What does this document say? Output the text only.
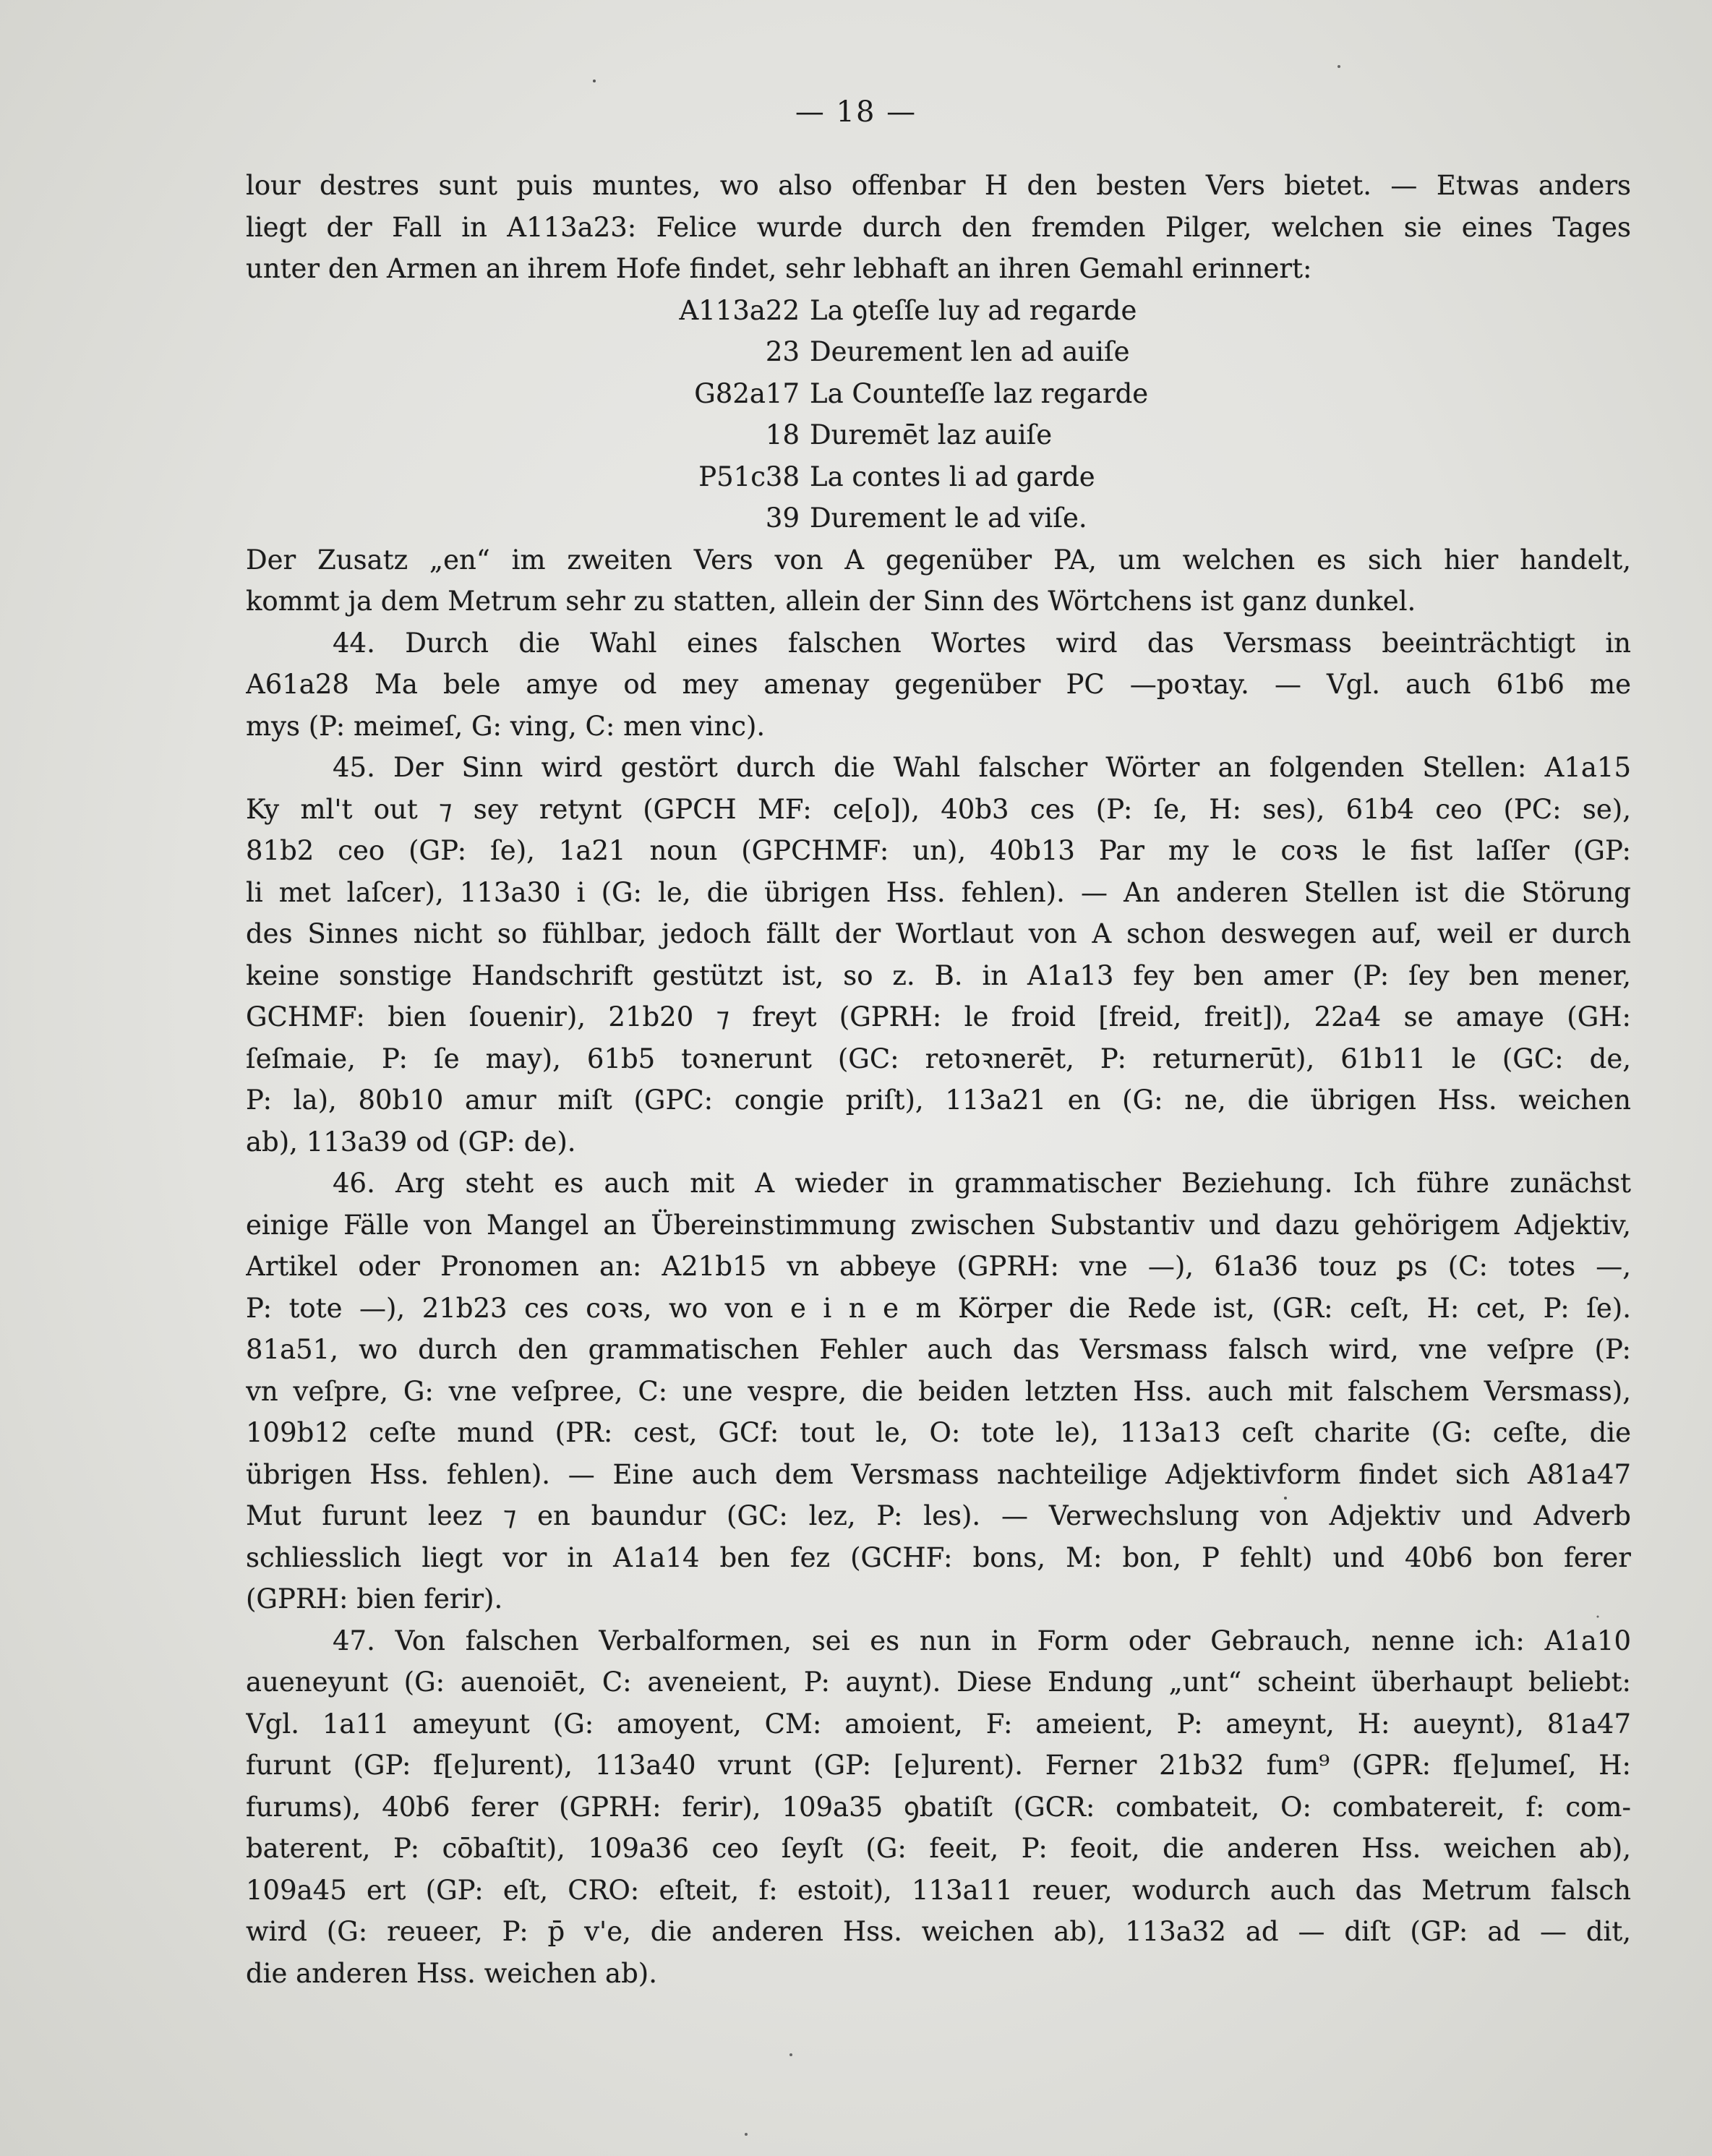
— 18 —
lour destres sunt puis muntes, wo also offenbar H den besten Vers bietet. — Etwas anders
liegt der Fall in A113a23: Felice wurde durch den fremden Pilger, welchen sie eines Tages
unter den Armen an ihrem Hofe findet, sehr lebhaft an ihren Gemahl erinnert:
A113a22 La ꝯteſſe luy ad regarde
23 Deurement len ad auiſe
G82a17 La Counteſſe laz regarde
18 Duremēt laz auiſe
P51c38 La contes li ad garde
39 Durement le ad viſe.
Der Zusatz „en“ im zweiten Vers von A gegenüber PA, um welchen es sich hier handelt,
kommt ja dem Metrum sehr zu statten, allein der Sinn des Wörtchens ist ganz dunkel.
44. Durch die Wahl eines falschen Wortes wird das Versmass beeinträchtigt in
A61a28 Ma bele amye od mey amenay gegenüber PC —poꝛtay. — Vgl. auch 61b6 me
mys (P: meimeſ, G: ving, C: men vinc).
45. Der Sinn wird gestört durch die Wahl falscher Wörter an folgenden Stellen: A1a15
Ky ml't out ⁊ sey retynt (GPCH MF: ce[o]), 40b3 ces (P: ſe, H: ses), 61b4 ceo (PC: se),
81b2 ceo (GP: ſe), 1a21 noun (GPCHMF: un), 40b13 Par my le coꝛs le fist laſſer (GP:
li met laſcer), 113a30 i (G: le, die übrigen Hss. fehlen). — An anderen Stellen ist die Störung
des Sinnes nicht so fühlbar, jedoch fällt der Wortlaut von A schon deswegen auf, weil er durch
keine sonstige Handschrift gestützt ist, so z. B. in A1a13 fey ben amer (P: ſey ben mener,
GCHMF: bien ſouenir), 21b20 ⁊ freyt (GPRH: le froid [freid, freit]), 22a4 se amaye (GH:
ſeſmaie, P: ſe may), 61b5 toꝛnerunt (GC: retoꝛnerēt, P: returnerūt), 61b11 le (GC: de,
P: la), 80b10 amur miſt (GPC: congie priſt), 113a21 en (G: ne, die übrigen Hss. weichen
ab), 113a39 od (GP: de).
46. Arg steht es auch mit A wieder in grammatischer Beziehung. Ich führe zunächst
einige Fälle von Mangel an Übereinstimmung zwischen Substantiv und dazu gehörigem Adjektiv,
Artikel oder Pronomen an: A21b15 vn abbeye (GPRH: vne —), 61a36 touz ꝑs (C: totes —,
P: tote —), 21b23 ces coꝛs, wo von e i n e m Körper die Rede ist, (GR: ceſt, H: cet, P: ſe).
81a51, wo durch den grammatischen Fehler auch das Versmass falsch wird, vne veſpre (P:
vn veſpre, G: vne veſpree, C: une vespre, die beiden letzten Hss. auch mit falschem Versmass),
109b12 ceſte mund (PR: cest, GCf: tout le, O: tote le), 113a13 ceſt charite (G: ceſte, die
übrigen Hss. fehlen). — Eine auch dem Versmass nachteilige Adjektivform findet sich A81a47
Mut furunt leez ⁊ en baundur (GC: lez, P: les). — Verwechslung von Adjektiv und Adverb
schliesslich liegt vor in A1a14 ben fez (GCHF: bons, M: bon, P fehlt) und 40b6 bon ferer
(GPRH: bien ferir).
47. Von falschen Verbalformen, sei es nun in Form oder Gebrauch, nenne ich: A1a10
aueneyunt (G: auenoiēt, C: aveneient, P: auynt). Diese Endung „unt“ scheint überhaupt beliebt:
Vgl. 1a11 ameyunt (G: amoyent, CM: amoient, F: ameient, P: ameynt, H: aueynt), 81a47
furunt (GP: f[e]urent), 113a40 vrunt (GP: [e]urent). Ferner 21b32 fum⁹ (GPR: f[e]umeſ, H:
furums), 40b6 ferer (GPRH: ferir), 109a35 ꝯbatiſt (GCR: combateit, O: combatereit, f: com-
baterent, P: cōbaſtit), 109a36 ceo ſeyſt (G: feeit, P: feoit, die anderen Hss. weichen ab),
109a45 ert (GP: eſt, CRO: eſteit, f: estoit), 113a11 reuer, wodurch auch das Metrum falsch
wird (G: reueer, P: p̄ v'e, die anderen Hss. weichen ab), 113a32 ad — diſt (GP: ad — dit,
die anderen Hss. weichen ab).
